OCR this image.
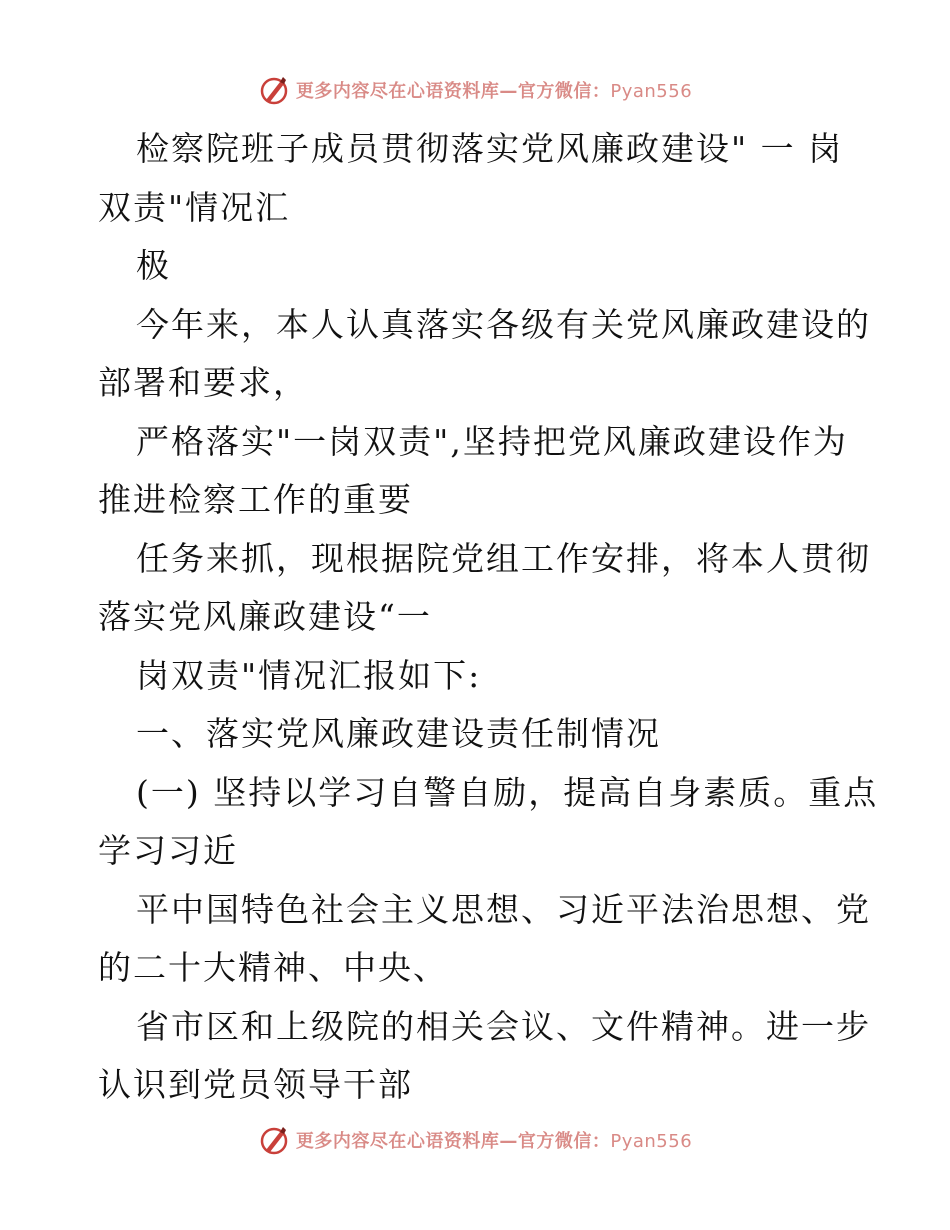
更多内容尽在心语资料库—官方微信：Pyan556
检察院班子成员贯彻落实党风廉政建设" 一 岗
双责"情况汇
极
今年来，本人认真落实各级有关党风廉政建设的
部署和要求，
严格落实"一岗双责",坚持把党风廉政建设作为
推进检察工作的重要
任务来抓，现根据院党组工作安排，将本人贯彻
落实党风廉政建设“一
岗双责"情况汇报如下:
一、落实党风廉政建设责任制情况
(一) 坚持以学习自警自励，提高自身素质。重点
学习习近
平中国特色社会主义思想、习近平法治思想、党
的二十大精神、中央、
省市区和上级院的相关会议、文件精神。进一步
认识到党员领导干部
更多内容尽在心语资料库—官方微信：Pyan556
